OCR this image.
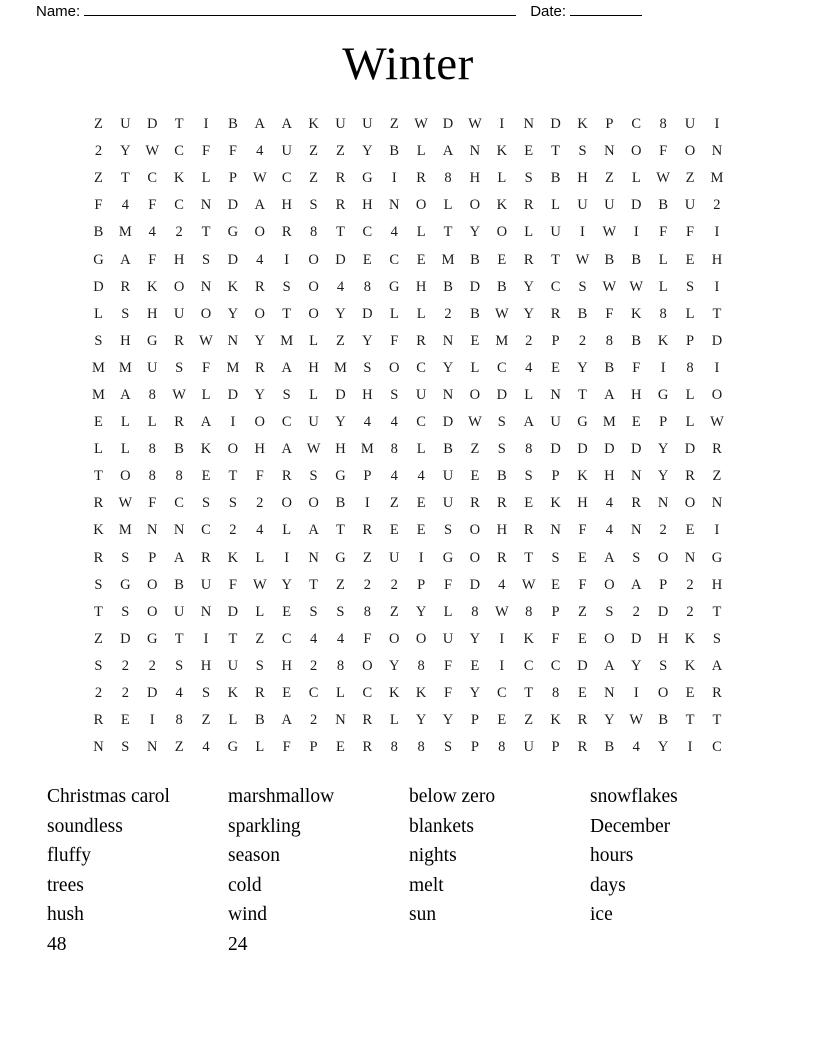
Name:	Date:
Winter
Z	U	D	T	I	B	A	A	K	U	U	Z	W	D	W	I	N	D	K	P	C	8	U	I
2	Y	W	C	F	F	4	U	Z	Z	Y	B	L	A	N	K	E	T	S	N	O	F	O	N
Z	T	C	K	L	P	W	C	Z	R	G	I	R	8	H	L	S	B	H	Z	L	W	Z	M
F	4	F	C	N	D	A	H	S	R	H	N	O	L	O	K	R	L	U	U	D	B	U	2
B	M	4	2	T	G	O	R	8	T	C	4	L	T	Y	O	L	U	I	W	I	F	F	I
G	A	F	H	S	D	4	I	O	D	E	C	E	M	B	E	R	T	W	B	B	L	E	H
D	R	K	O	N	K	R	S	O	4	8	G	H	B	D	B	Y	C	S	W W	L	S	I
L	S	H	U	O	Y	O	T	O	Y	D	L	L	2	B	W	Y	R	B	F	K	8	L	T
S	H	G	R	W	N	Y	M	L	Z	Y	F	R	N	E	M	2	P	2	8	B	K	P	D
M M	U	S	F	M	R	A	H	M	S	O	C	Y	L	C	4	E	Y	B	F	I	8	I
M	A	8	W	L	D	Y	S	L	D	H	S	U	N	O	D	L	N	T	A	H	G	L	O
E	L	L	R	A	I	O	C	U	Y	4	4	C	D	W	S	A	U	G	M	E	P	L	W
L	L	8	B	K	O	H	A	W	H	M	8	L	B	Z	S	8	D	D	D	D	Y	D	R
T	O	8	8	E	T	F	R	S	G	P	4	4	U	E	B	S	P	K	H	N	Y	R	Z
R	W	F	C	S	S	2	O	O	B	I	Z	E	U	R	R	E	K	H	4	R	N	O	N
K	M	N	N	C	2	4	L	A	T	R	E	E	S	O	H	R	N	F	4	N	2	E	I
R	S	P	A	R	K	L	I	N	G	Z	U	I	G	O	R	T	S	E	A	S	O	N	G
S	G	O	B	U	F	W	Y	T	Z	2	2	P	F	D	4	W	E	F	O	A	P	2	H
T	S	O	U	N	D	L	E	S	S	8	Z	Y	L	8	W	8	P	Z	S	2	D	2	T
Z	D	G	T	I	T	Z	C	4	4	F	O	O	U	Y	I	K	F	E	O	D	H	K	S
S	2	2	S	H	U	S	H	2	8	O	Y	8	F	E	I	C	C	D	A	Y	S	K	A
2	2	D	4	S	K	R	E	C	L	C	K	K	F	Y	C	T	8	E	N	I	O	E	R
R	E	I	8	Z	L	B	A	2	N	R	L	Y	Y	P	E	Z	K	R	Y	W	B	T	T
N	S	N	Z	4	G	L	F	P	E	R	8	8	S	P	8	U	P	R	B	4	Y	I	C
Christmas carol
soundless
fluffy
trees
hush
48
marshmallow
sparkling
season
cold
wind
24
below zero
blankets
nights
melt
sun
snowflakes
December
hours
days
ice
